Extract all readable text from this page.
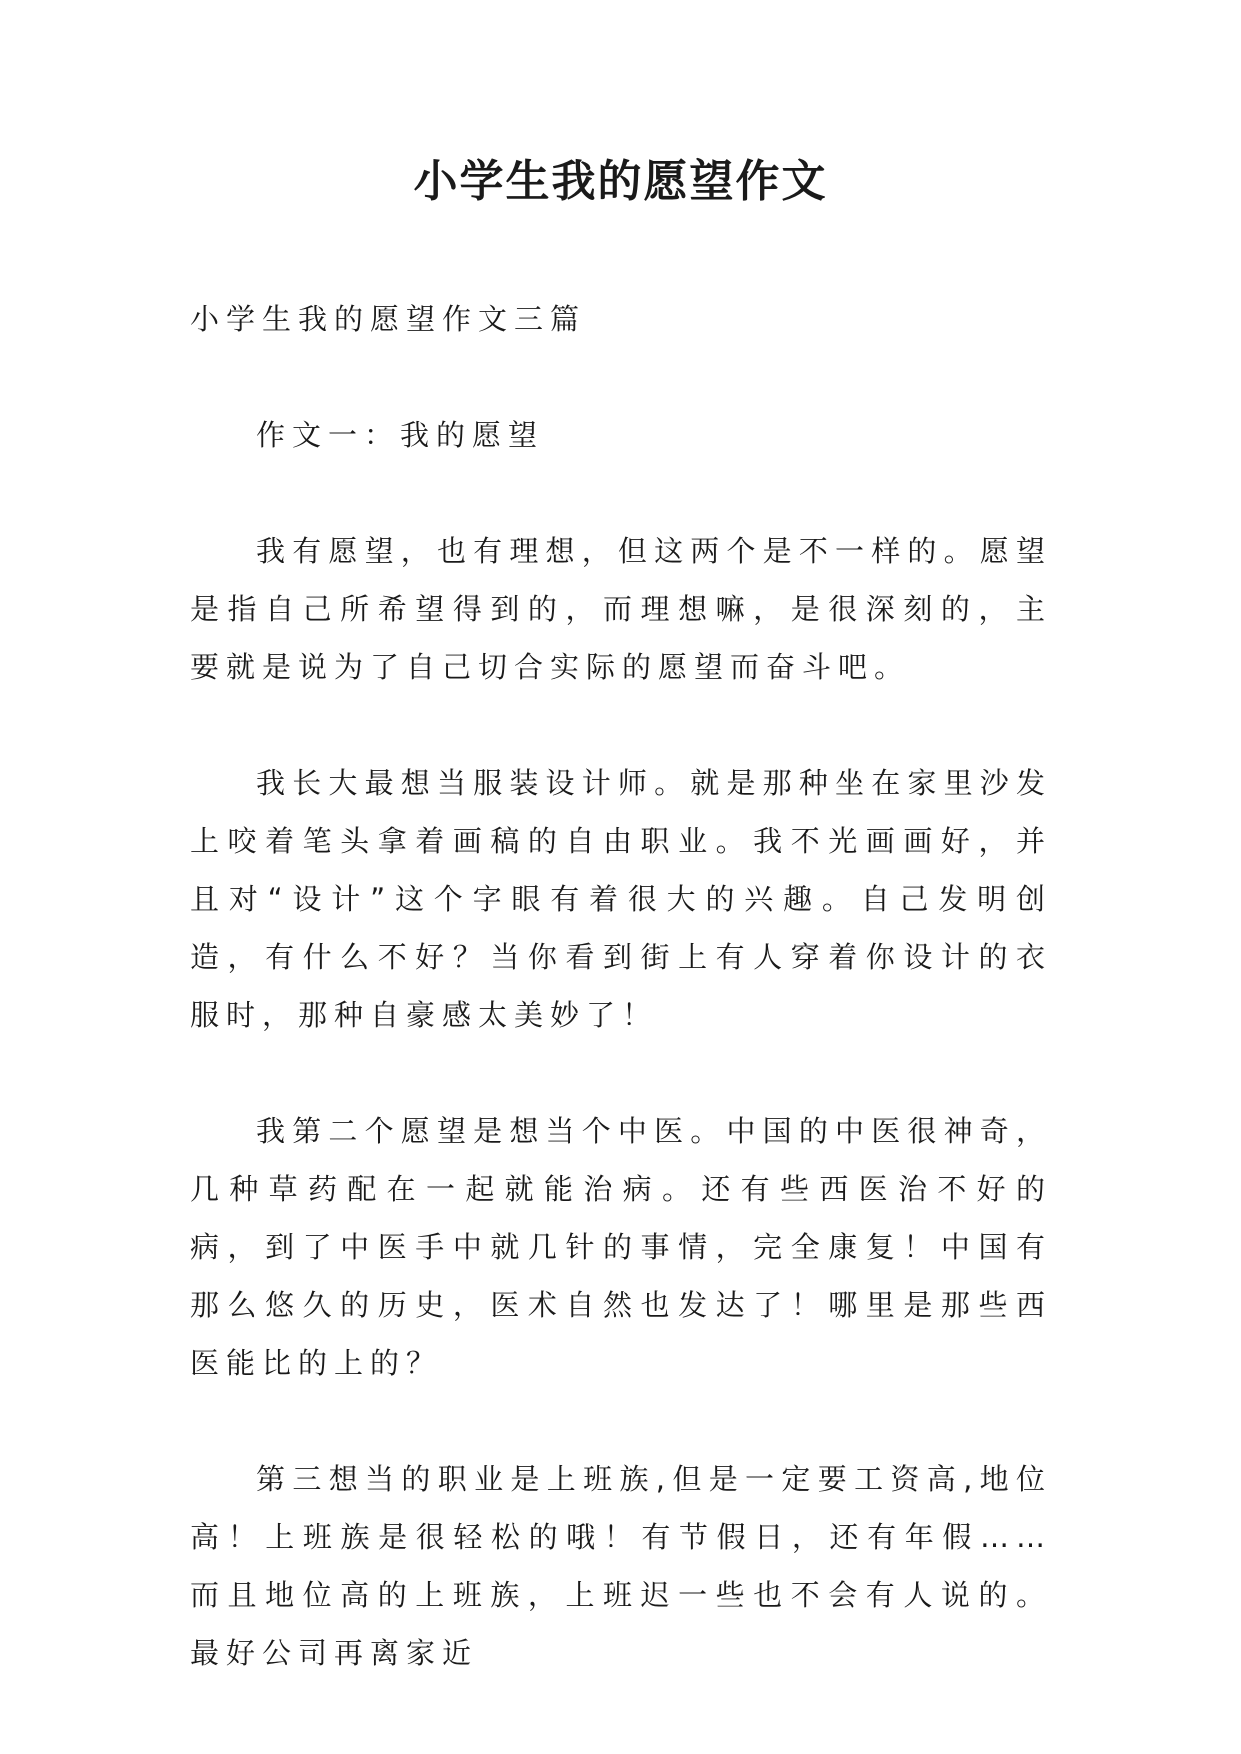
小学生我的愿望作文

小学生我的愿望作文三篇

作文一：我的愿望

我有愿望，也有理想，但这两个是不一样的。愿望是指自己所希望得到的，而理想嘛，是很深刻的，主要就是说为了自己切合实际的愿望而奋斗吧。

我长大最想当服装设计师。就是那种坐在家里沙发上咬着笔头拿着画稿的自由职业。我不光画画好，并且对“设计”这个字眼有着很大的兴趣。自己发明创造，有什么不好？当你看到街上有人穿着你设计的衣服时，那种自豪感太美妙了！

我第二个愿望是想当个中医。中国的中医很神奇，几种草药配在一起就能治病。还有些西医治不好的病，到了中医手中就几针的事情，完全康复！中国有那么悠久的历史，医术自然也发达了！哪里是那些西医能比的上的？

第三想当的职业是上班族,但是一定要工资高,地位高！上班族是很轻松的哦！有节假日，还有年假……而且地位高的上班族，上班迟一些也不会有人说的。最好公司再离家近
